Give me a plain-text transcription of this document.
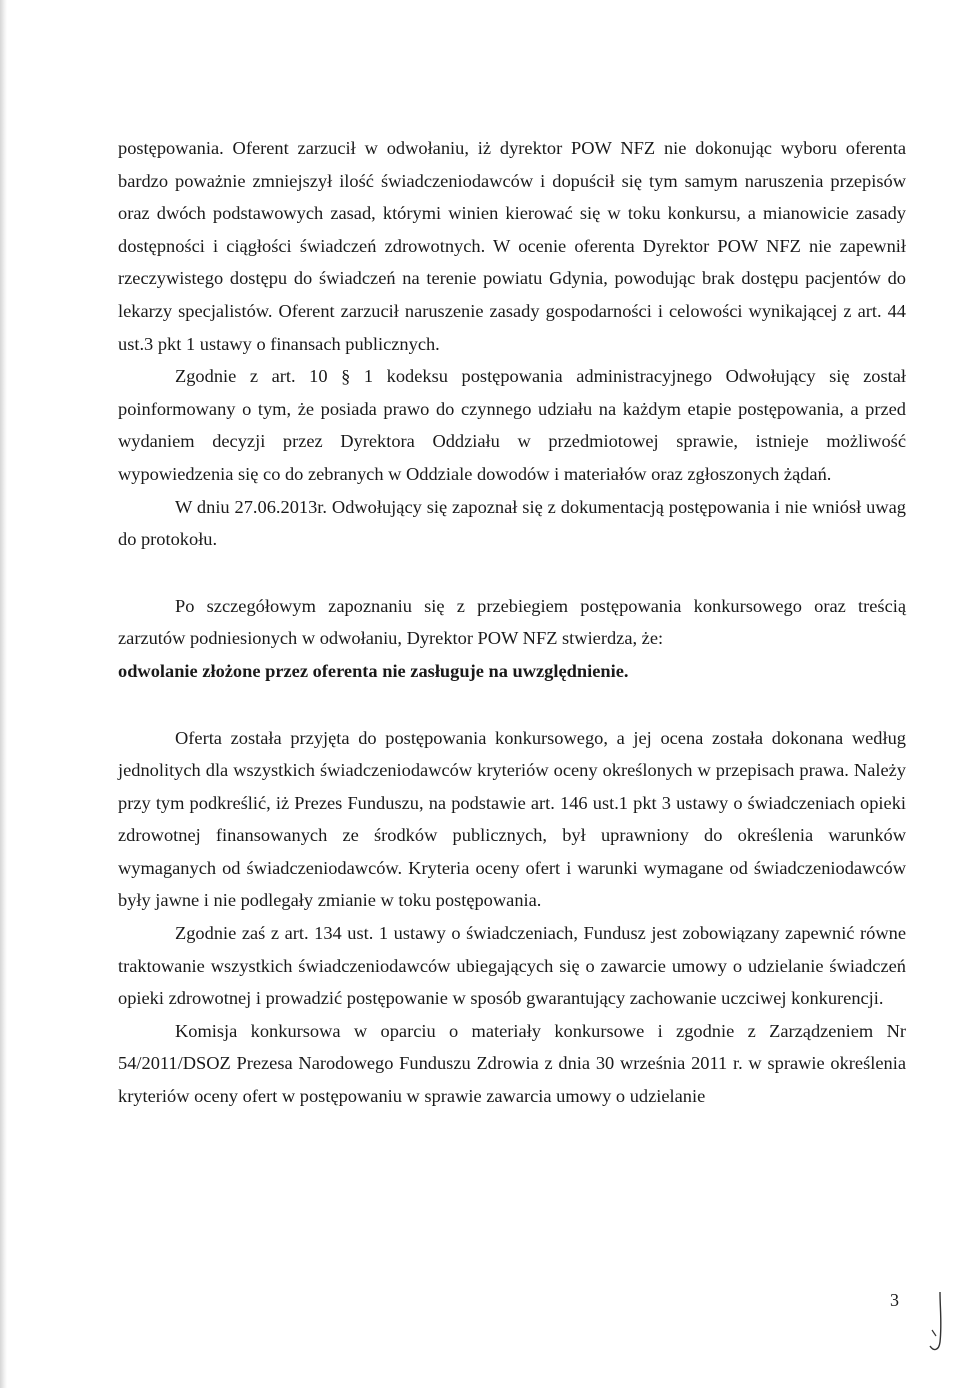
postępowania. Oferent zarzucił w odwołaniu, iż dyrektor POW NFZ nie dokonując wyboru oferenta bardzo poważnie zmniejszył ilość świadczeniodawców i dopuścił się tym samym naruszenia przepisów oraz dwóch podstawowych zasad, którymi winien kierować się w toku konkursu, a mianowicie zasady dostępności i ciągłości świadczeń zdrowotnych. W ocenie oferenta Dyrektor POW NFZ nie zapewnił rzeczywistego dostępu do świadczeń na terenie powiatu Gdynia, powodując brak dostępu pacjentów do lekarzy specjalistów. Oferent zarzucił naruszenie zasady gospodarności i celowości wynikającej z art. 44 ust.3 pkt 1 ustawy o finansach publicznych.

Zgodnie z art. 10 § 1 kodeksu postępowania administracyjnego Odwołujący się został poinformowany o tym, że posiada prawo do czynnego udziału na każdym etapie postępowania, a przed wydaniem decyzji przez Dyrektora Oddziału w przedmiotowej sprawie, istnieje możliwość wypowiedzenia się co do zebranych w Oddziale dowodów i materiałów oraz zgłoszonych żądań.

W dniu 27.06.2013r. Odwołujący się zapoznał się z dokumentacją postępowania i nie wniósł uwag do protokołu.

Po szczegółowym zapoznaniu się z przebiegiem postępowania konkursowego oraz treścią zarzutów podniesionych w odwołaniu, Dyrektor POW NFZ stwierdza, że:

odwolanie złożone przez oferenta nie zasługuje na uwzględnienie.

Oferta została przyjęta do postępowania konkursowego, a jej ocena została dokonana według jednolitych dla wszystkich świadczeniodawców kryteriów oceny określonych w przepisach prawa. Należy przy tym podkreślić, iż Prezes Funduszu, na podstawie art. 146 ust.1 pkt 3 ustawy o świadczeniach opieki zdrowotnej finansowanych ze środków publicznych, był uprawniony do określenia warunków wymaganych od świadczeniodawców. Kryteria oceny ofert i warunki wymagane od świadczeniodawców były jawne i nie podlegały zmianie w toku postępowania.

Zgodnie zaś z art. 134 ust. 1 ustawy o świadczeniach, Fundusz jest zobowiązany zapewnić równe traktowanie wszystkich świadczeniodawców ubiegających się o zawarcie umowy o udzielanie świadczeń opieki zdrowotnej i prowadzić postępowanie w sposób gwarantujący zachowanie uczciwej konkurencji.

Komisja konkursowa w oparciu o materiały konkursowe i zgodnie z Zarządzeniem Nr 54/2011/DSOZ Prezesa Narodowego Funduszu Zdrowia z dnia 30 września 2011 r. w sprawie określenia kryteriów oceny ofert w postępowaniu w sprawie zawarcia umowy o udzielanie

3
